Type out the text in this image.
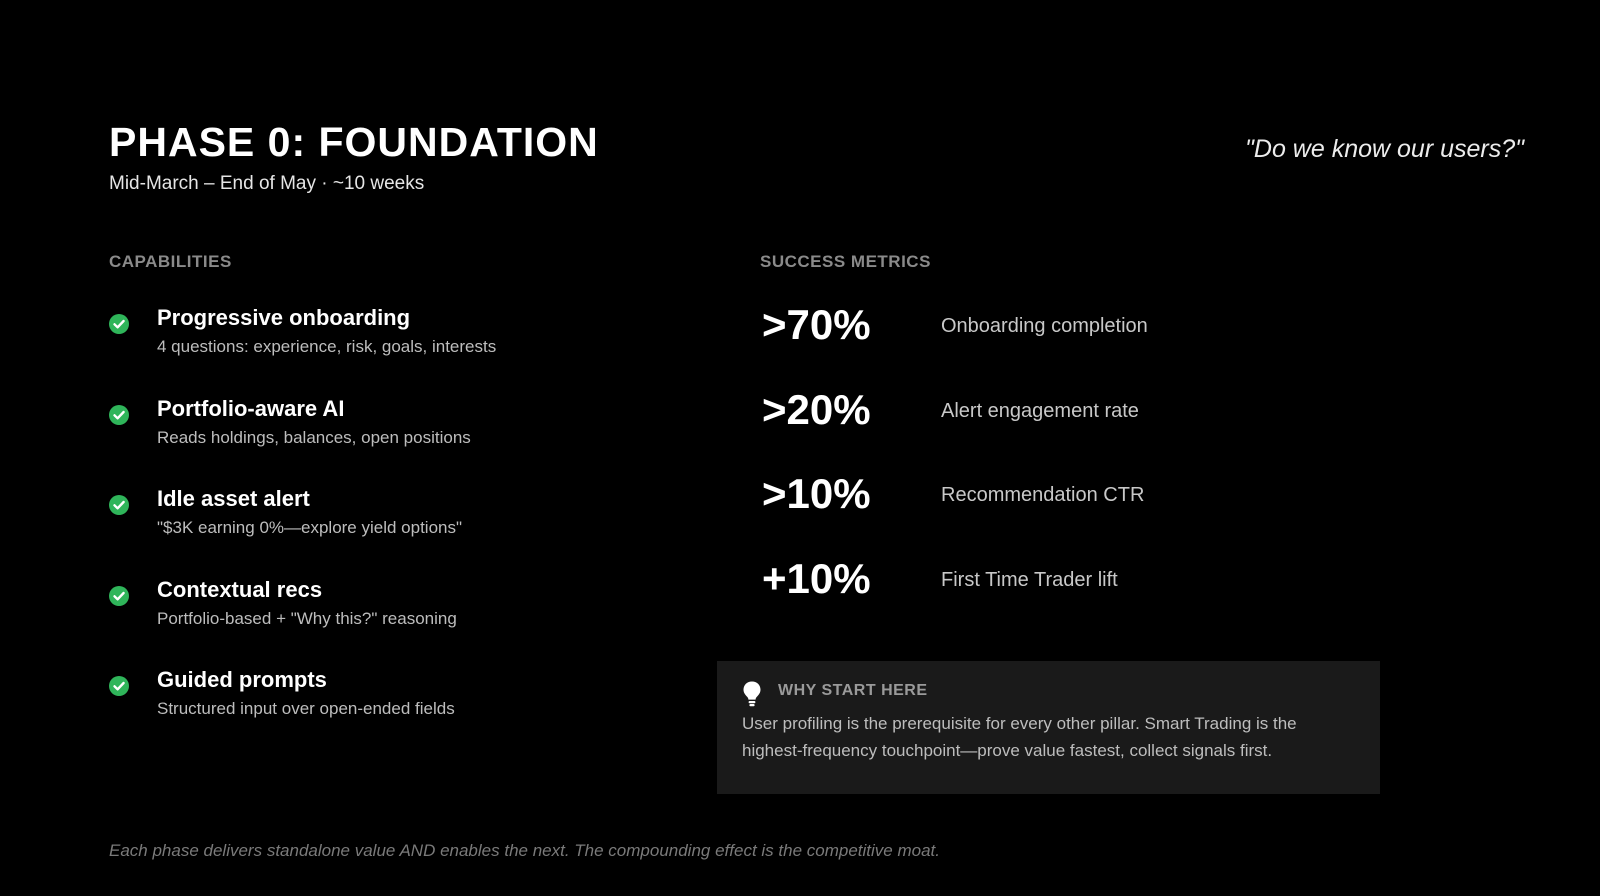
PHASE 0: FOUNDATION
Mid-March – End of May · ~10 weeks
"Do we know our users?"
CAPABILITIES	SUCCESS METRICS
Progressive onboarding
4 questions: experience, risk, goals, interests
Portfolio-aware AI
Reads holdings, balances, open positions
Idle asset alert
"$3K earning 0%—explore yield options"
Contextual recs
Portfolio-based + "Why this?" reasoning
Guided prompts
Structured input over open-ended fields
>70%	Onboarding completion
>20%	Alert engagement rate
>10%	Recommendation CTR
+10%	First Time Trader lift
WHY START HERE
User profiling is the prerequisite for every other pillar. Smart Trading is the highest-frequency touchpoint—prove value fastest, collect signals first.
Each phase delivers standalone value AND enables the next. The compounding effect is the competitive moat.
